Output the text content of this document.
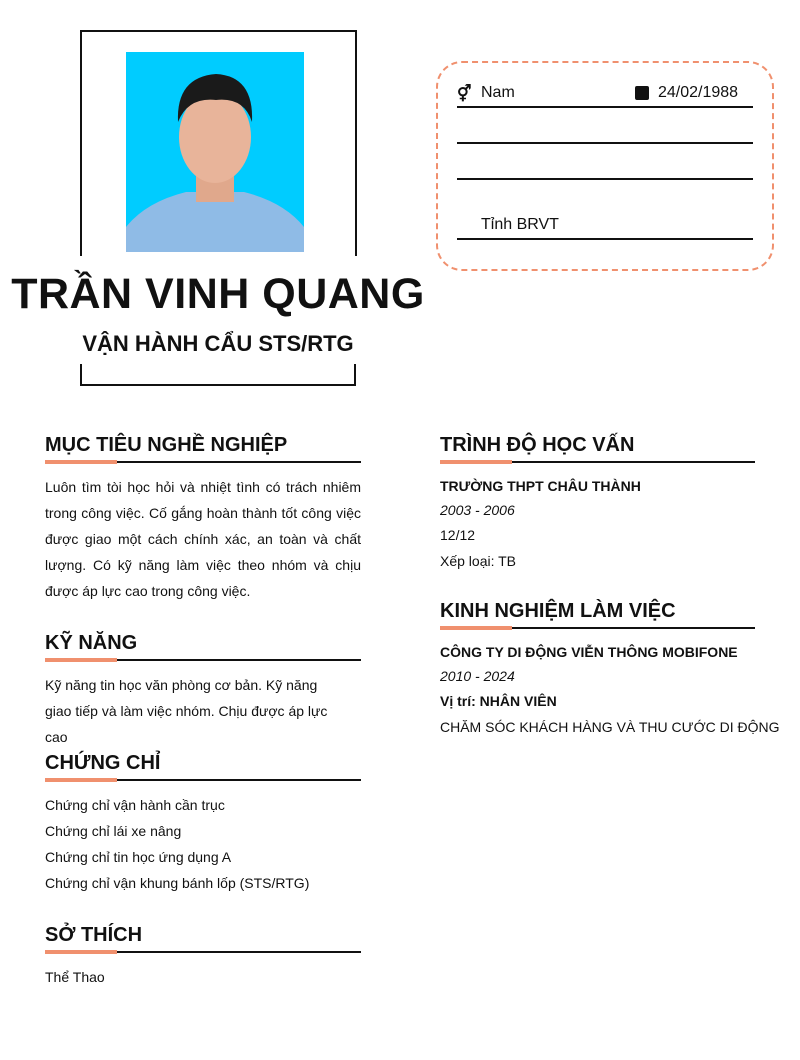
TRẦN VINH QUANG
VẬN HÀNH CẨU STS/RTG
⚥ Nam	24/02/1988
Tỉnh BRVT
MỤC TIÊU NGHỀ NGHIỆP

Luôn tìm tòi học hỏi và nhiệt tình có trách nhiêm trong công việc. Cố gắng hoàn thành tốt công việc được giao một cách chính xác, an toàn và chất lượng. Có kỹ năng làm việc theo nhóm và chịu được áp lực cao trong công việc.

KỸ NĂNG

Kỹ năng tin học văn phòng cơ bản. Kỹ năng giao tiếp và làm việc nhóm. Chịu được áp lực cao

CHỨNG CHỈ
Chứng chỉ vận hành cần trục
Chứng chỉ lái xe nâng
Chứng chỉ tin học ứng dụng A
Chứng chỉ vận khung bánh lốp (STS/RTG)
SỞ THÍCH
Thể Thao
TRÌNH ĐỘ HỌC VẤN
TRƯỜNG THPT CHÂU THÀNH
2003 - 2006
12/12
Xếp loại: TB
KINH NGHIỆM LÀM VIỆC
CÔNG TY DI ĐỘNG VIỄN THÔNG MOBIFONE
2010 - 2024
Vị trí: NHÂN VIÊN
CHĂM SÓC KHÁCH HÀNG VÀ THU CƯỚC DI ĐỘNG
